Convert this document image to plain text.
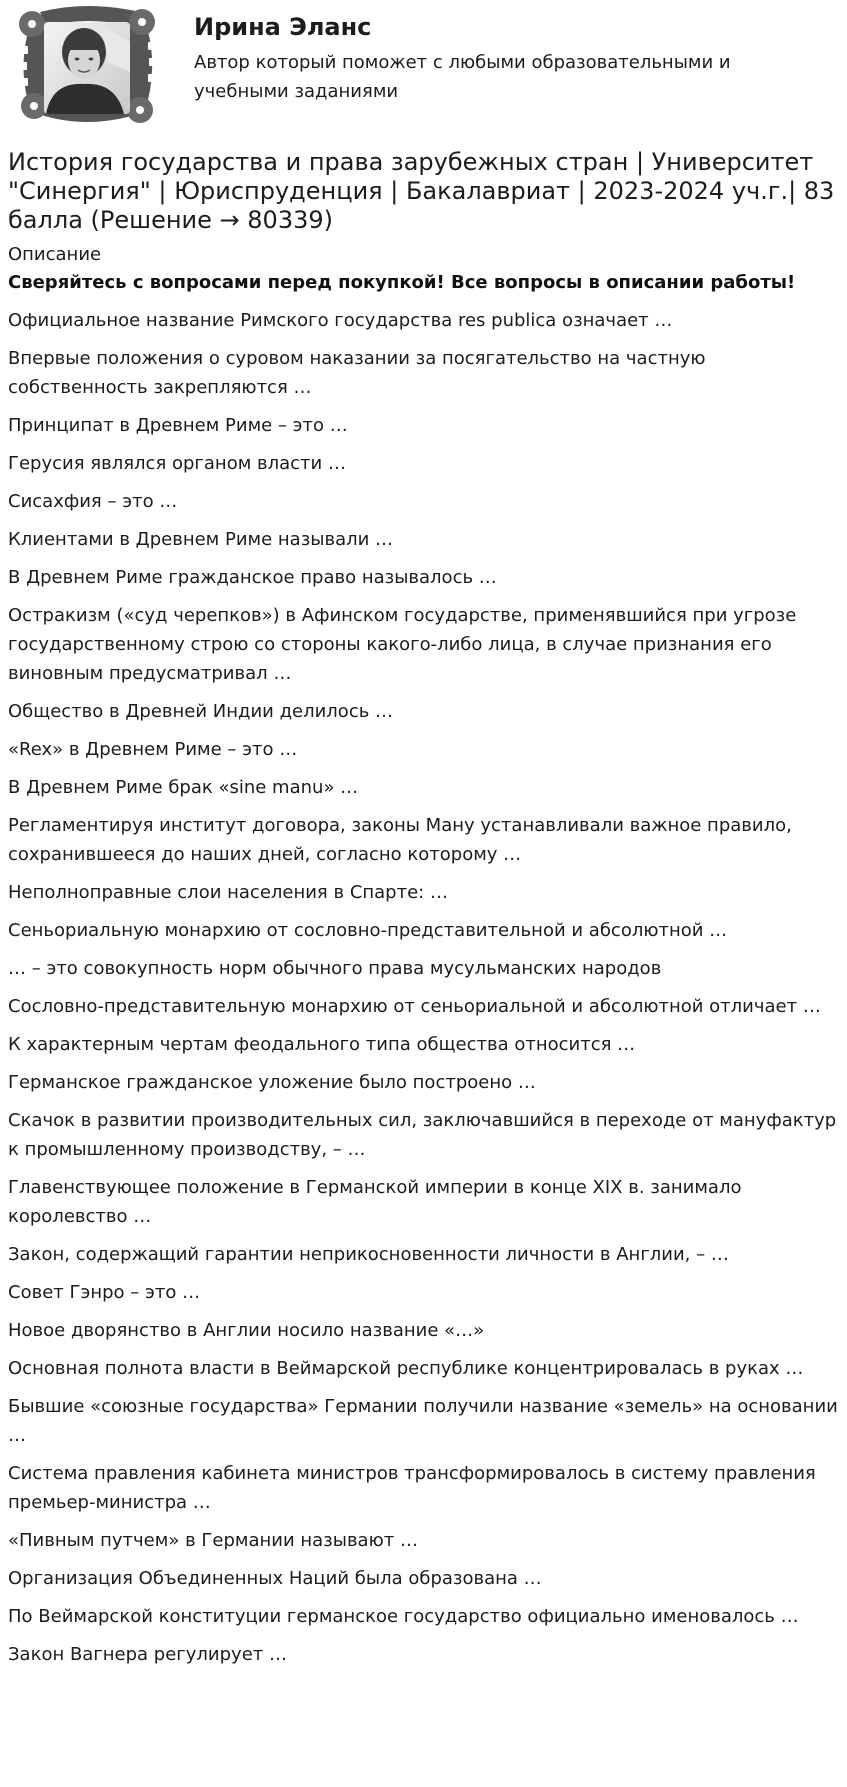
Ирина Эланс
Автор который поможет с любыми образовательными и учебными заданиями
История государства и права зарубежных стран | Университет "Синергия" | Юриспруденция | Бакалавриат | 2023-2024 уч.г.| 83 балла (Решение → 80339)
Описание
Сверяйтесь с вопросами перед покупкой! Все вопросы в описании работы!
Официальное название Римского государства res publica означает …
Впервые положения о суровом наказании за посягательство на частную собственность закрепляются …
Принципат в Древнем Риме – это …
Герусия являлся органом власти …
Сисахфия – это …
Клиентами в Древнем Риме называли …
В Древнем Риме гражданское право называлось …
Остракизм («суд черепков») в Афинском государстве, применявшийся при угрозе государственному строю со стороны какого-либо лица, в случае признания его виновным предусматривал …
Общество в Древней Индии делилось …
«Rex» в Древнем Риме – это …
В Древнем Риме брак «sine manu» …
Регламентируя институт договора, законы Ману устанавливали важное правило, сохранившееся до наших дней, согласно которому …
Неполноправные слои населения в Спарте: …
Сеньориальную монархию от сословно-представительной и абсолютной …
… – это совокупность норм обычного права мусульманских народов
Сословно-представительную монархию от сеньориальной и абсолютной отличает …
К характерным чертам феодального типа общества относится …
Германское гражданское уложение было построено …
Скачок в развитии производительных сил, заключавшийся в переходе от мануфактур к промышленному производству, – …
Главенствующее положение в Германской империи в конце XIX в. занимало королевство …
Закон, содержащий гарантии неприкосновенности личности в Англии, – …
Совет Гэнро – это …
Новое дворянство в Англии носило название «…»
Основная полнота власти в Веймарской республике концентрировалась в руках …
Бывшие «союзные государства» Германии получили название «земель» на основании …
Система правления кабинета министров трансформировалось в систему правления премьер-министра …
«Пивным путчем» в Германии называют …
Организация Объединенных Наций была образована …
По Веймарской конституции германское государство официально именовалось …
Закон Вагнера регулирует …
